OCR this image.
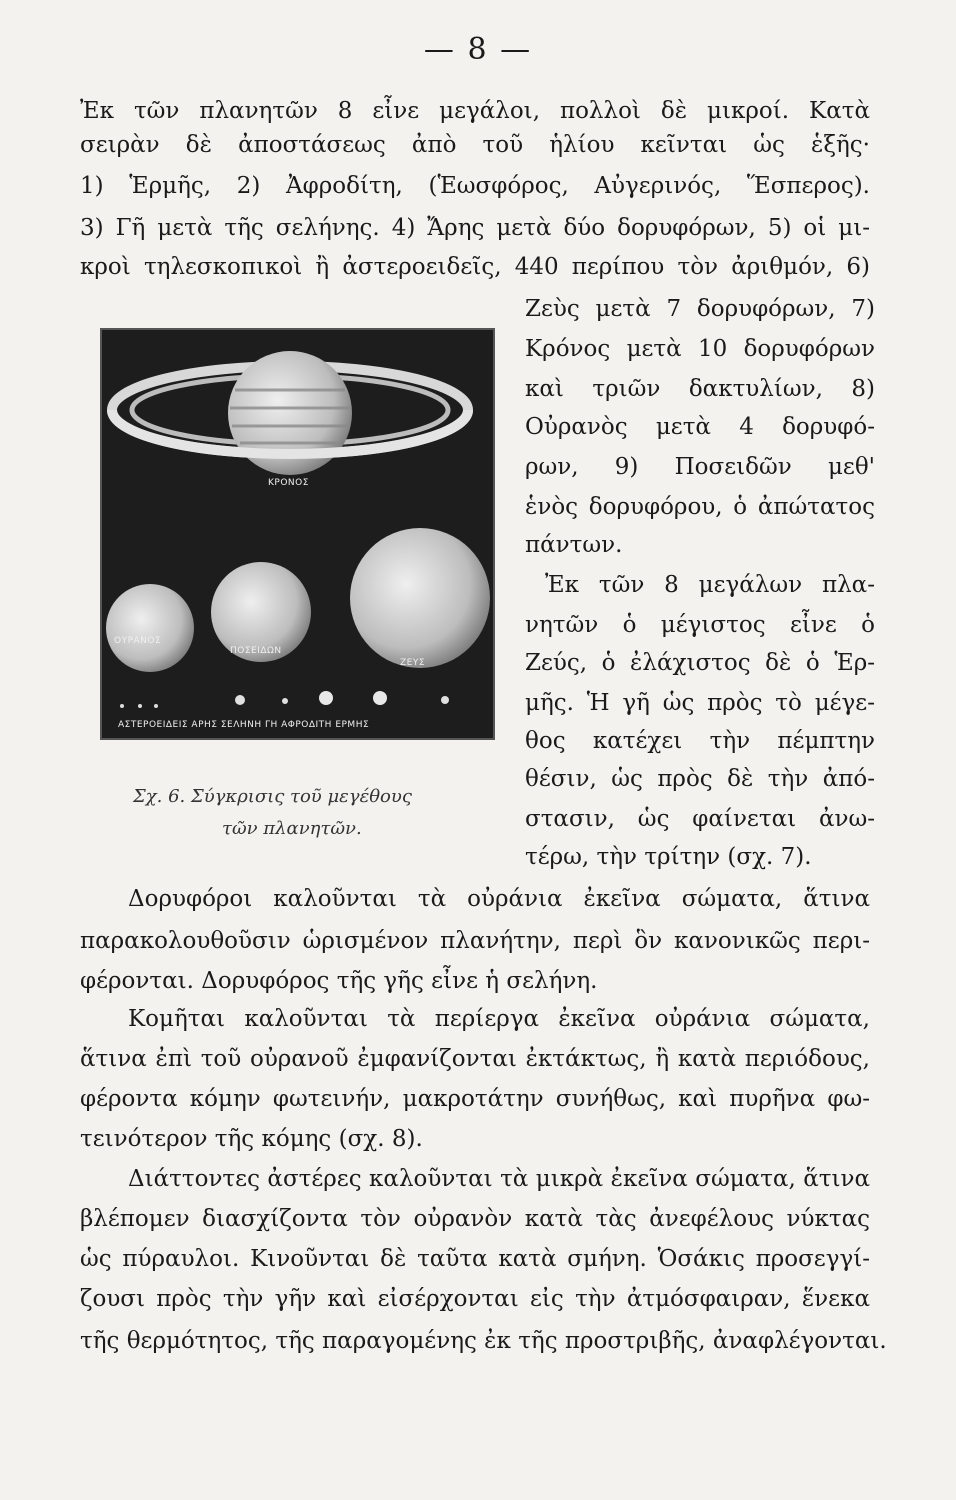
— 8 —
Ἐκ τῶν πλανητῶν 8 εἶνε μεγάλοι, πολλοὶ δὲ μικροί. Κατὰ
σειρὰν δὲ ἀποστάσεως ἀπὸ τοῦ ἡλίου κεῖνται ὡς ἑξῆς·
1) Ἑρμῆς, 2) Ἀφροδίτη, (Ἑωσφόρος, Αὐγερινός, Ἕσπερος).
3) Γῆ μετὰ τῆς σελήνης. 4) Ἄρης μετὰ δύο δορυφόρων, 5) οἱ μι-
κροὶ τηλεσκοπικοὶ ἢ ἀστεροειδεῖς, 440 περίπου τὸν ἀριθμόν, 6)
Ζεὺς μετὰ 7 δορυφόρων, 7)
Κρόνος μετὰ 10 δορυφόρων
καὶ τριῶν δακτυλίων, 8)
Οὐρανὸς μετὰ 4 δορυφό-
ρων, 9) Ποσειδῶν μεθ'
ἑνὸς δορυφόρου, ὁ ἀπώτατος
πάντων.
Ἐκ τῶν 8 μεγάλων πλα-
νητῶν ὁ μέγιστος εἶνε ὁ
Ζεύς, ὁ ἐλάχιστος δὲ ὁ Ἑρ-
μῆς. Ἡ γῆ ὡς πρὸς τὸ μέγε-
θος κατέχει τὴν πέμπτην
θέσιν, ὡς πρὸς δὲ τὴν ἀπό-
στασιν, ὡς φαίνεται ἀνω-
τέρω, τὴν τρίτην (σχ. 7).
ΚΡΟΝΟΣ
ΟΥΡΑΝΟΣ
ΠΟΣΕΙΔΩΝ
ΖΕΥΣ
ΑΣΤΕΡΟΕΙΔΕΙΣ ΑΡΗΣ ΣΕΛΗΝΗ ΓΗ ΑΦΡΟΔΙΤΗ ΕΡΜΗΣ
Σχ. 6. Σύγκρισις τοῦ μεγέθους
τῶν πλανητῶν.
Δορυφόροι καλοῦνται τὰ οὐράνια ἐκεῖνα σώματα, ἅτινα
παρακολουθοῦσιν ὡρισμένον πλανήτην, περὶ ὃν κανονικῶς περι-
φέρονται. Δορυφόρος τῆς γῆς εἶνε ἡ σελήνη.
Κομῆται καλοῦνται τὰ περίεργα ἐκεῖνα οὐράνια σώματα,
ἅτινα ἐπὶ τοῦ οὐρανοῦ ἐμφανίζονται ἐκτάκτως, ἢ κατὰ περιόδους,
φέροντα κόμην φωτεινήν, μακροτάτην συνήθως, καὶ πυρῆνα φω-
τεινότερον τῆς κόμης (σχ. 8).
Διάττοντες ἀστέρες καλοῦνται τὰ μικρὰ ἐκεῖνα σώματα, ἅτινα
βλέπομεν διασχίζοντα τὸν οὐρανὸν κατὰ τὰς ἀνεφέλους νύκτας
ὡς πύραυλοι. Κινοῦνται δὲ ταῦτα κατὰ σμήνη. Ὁσάκις προσεγγί-
ζουσι πρὸς τὴν γῆν καὶ εἰσέρχονται εἰς τὴν ἀτμόσφαιραν, ἕνεκα
τῆς θερμότητος, τῆς παραγομένης ἐκ τῆς προστριβῆς, ἀναφλέγονται.
